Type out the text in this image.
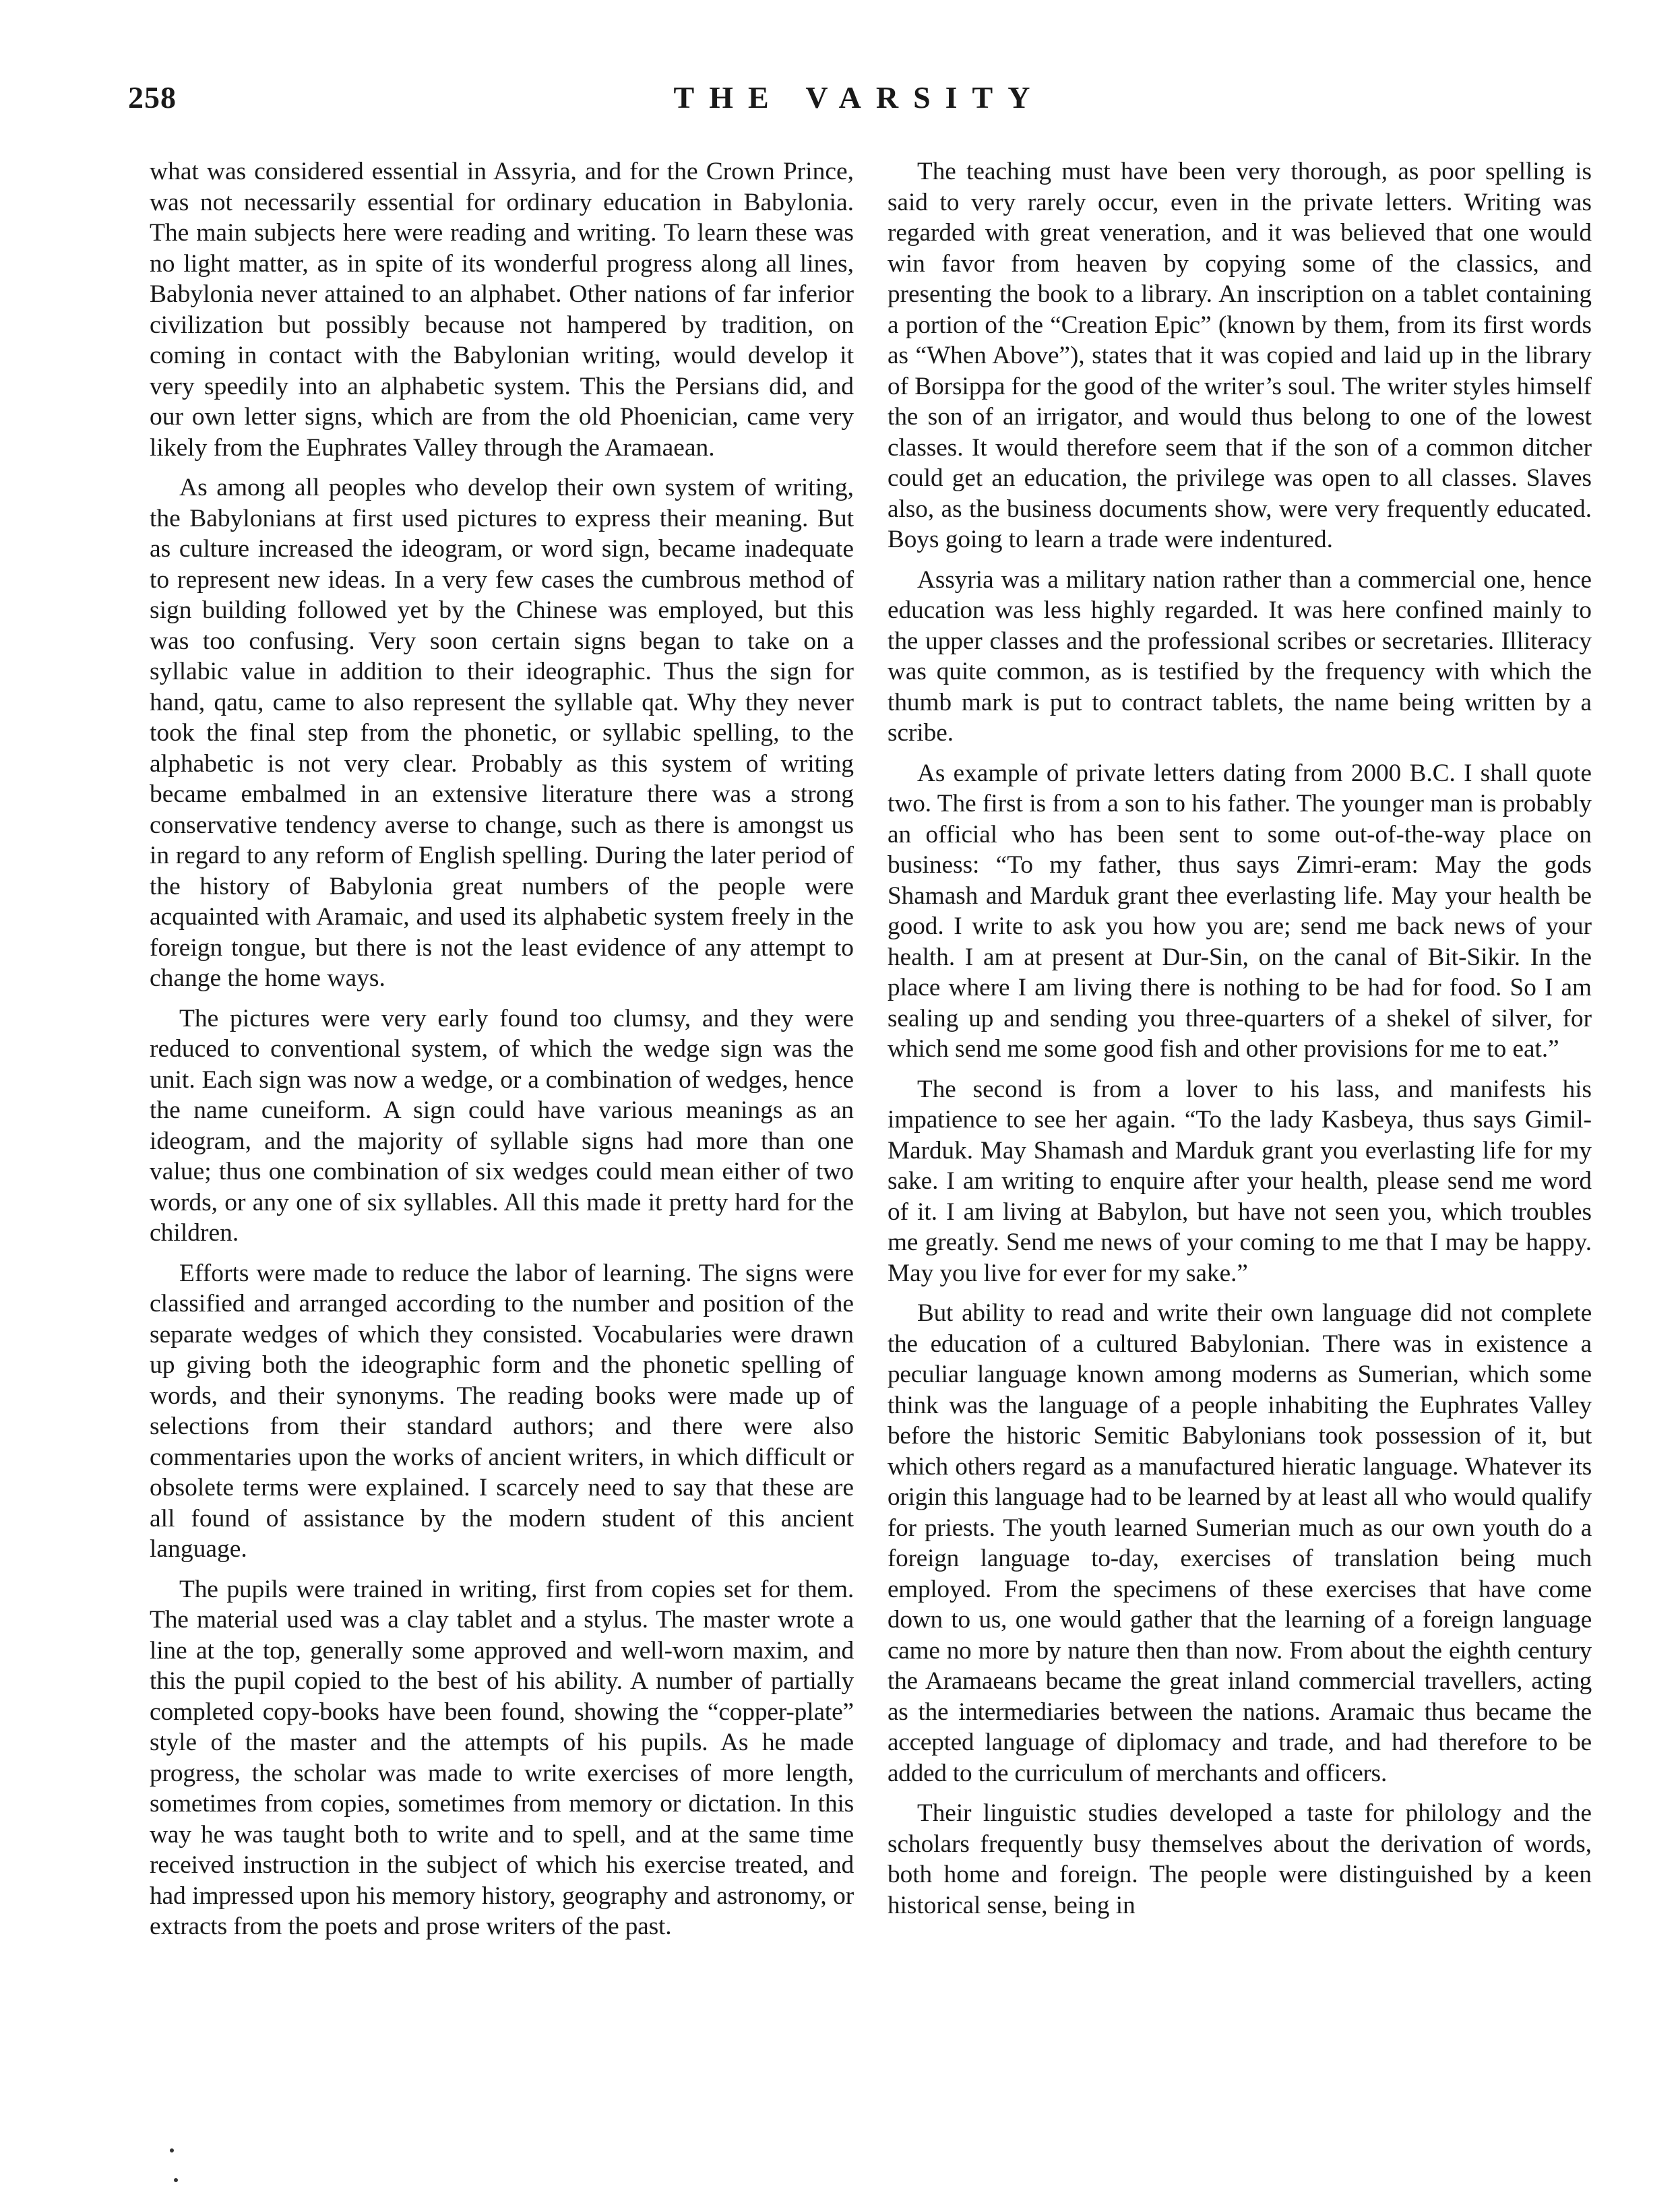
258	THE VARSITY

what was considered essential in Assyria, and for the Crown Prince, was not necessarily essential for ordinary education in Babylonia. The main subjects here were reading and writing. To learn these was no light matter, as in spite of its wonderful progress along all lines, Babylonia never attained to an alphabet. Other nations of far inferior civilization but possibly because not hampered by tradition, on coming in contact with the Babylonian writing, would develop it very speedily into an alphabetic system. This the Persians did, and our own letter signs, which are from the old Phoenician, came very likely from the Euphrates Valley through the Aramaean.

As among all peoples who develop their own system of writing, the Babylonians at first used pictures to express their meaning. But as culture increased the ideogram, or word sign, became inadequate to represent new ideas. In a very few cases the cumbrous method of sign building followed yet by the Chinese was employed, but this was too confusing. Very soon certain signs began to take on a syllabic value in addition to their ideographic. Thus the sign for hand, qatu, came to also represent the syllable qat. Why they never took the final step from the phonetic, or syllabic spelling, to the alphabetic is not very clear. Probably as this system of writing became embalmed in an extensive literature there was a strong conservative tendency averse to change, such as there is amongst us in regard to any reform of English spelling. During the later period of the history of Babylonia great numbers of the people were acquainted with Aramaic, and used its alphabetic system freely in the foreign tongue, but there is not the least evidence of any attempt to change the home ways.

The pictures were very early found too clumsy, and they were reduced to conventional system, of which the wedge sign was the unit. Each sign was now a wedge, or a combination of wedges, hence the name cuneiform. A sign could have various meanings as an ideogram, and the majority of syllable signs had more than one value; thus one combination of six wedges could mean either of two words, or any one of six syllables. All this made it pretty hard for the children.

Efforts were made to reduce the labor of learning. The signs were classified and arranged according to the number and position of the separate wedges of which they consisted. Vocabularies were drawn up giving both the ideographic form and the phonetic spelling of words, and their synonyms. The reading books were made up of selections from their standard authors; and there were also commentaries upon the works of ancient writers, in which difficult or obsolete terms were explained. I scarcely need to say that these are all found of assistance by the modern student of this ancient language.

The pupils were trained in writing, first from copies set for them. The material used was a clay tablet and a stylus. The master wrote a line at the top, generally some approved and well-worn maxim, and this the pupil copied to the best of his ability. A number of partially completed copy-books have been found, showing the “copper-plate” style of the master and the attempts of his pupils. As he made progress, the scholar was made to write exercises of more length, sometimes from copies, sometimes from memory or dictation. In this way he was taught both to write and to spell, and at the same time received instruction in the subject of which his exercise treated, and had impressed upon his memory history, geography and astronomy, or extracts from the poets and prose writers of the past.

The teaching must have been very thorough, as poor spelling is said to very rarely occur, even in the private letters. Writing was regarded with great veneration, and it was believed that one would win favor from heaven by copying some of the classics, and presenting the book to a library. An inscription on a tablet containing a portion of the “Creation Epic” (known by them, from its first words as “When Above”), states that it was copied and laid up in the library of Borsippa for the good of the writer’s soul. The writer styles himself the son of an irrigator, and would thus belong to one of the lowest classes. It would therefore seem that if the son of a common ditcher could get an education, the privilege was open to all classes. Slaves also, as the business documents show, were very frequently educated. Boys going to learn a trade were indentured.

Assyria was a military nation rather than a commercial one, hence education was less highly regarded. It was here confined mainly to the upper classes and the professional scribes or secretaries. Illiteracy was quite common, as is testified by the frequency with which the thumb mark is put to contract tablets, the name being written by a scribe.

As example of private letters dating from 2000 B.C. I shall quote two. The first is from a son to his father. The younger man is probably an official who has been sent to some out-of-the-way place on business: “To my father, thus says Zimri-eram: May the gods Shamash and Marduk grant thee everlasting life. May your health be good. I write to ask you how you are; send me back news of your health. I am at present at Dur-Sin, on the canal of Bit-Sikir. In the place where I am living there is nothing to be had for food. So I am sealing up and sending you three-quarters of a shekel of silver, for which send me some good fish and other provisions for me to eat.”

The second is from a lover to his lass, and manifests his impatience to see her again. “To the lady Kasbeya, thus says Gimil-Marduk. May Shamash and Marduk grant you everlasting life for my sake. I am writing to enquire after your health, please send me word of it. I am living at Babylon, but have not seen you, which troubles me greatly. Send me news of your coming to me that I may be happy. May you live for ever for my sake.”

But ability to read and write their own language did not complete the education of a cultured Babylonian. There was in existence a peculiar language known among moderns as Sumerian, which some think was the language of a people inhabiting the Euphrates Valley before the historic Semitic Babylonians took possession of it, but which others regard as a manufactured hieratic language. Whatever its origin this language had to be learned by at least all who would qualify for priests. The youth learned Sumerian much as our own youth do a foreign language to-day, exercises of translation being much employed. From the specimens of these exercises that have come down to us, one would gather that the learning of a foreign language came no more by nature then than now. From about the eighth century the Aramaeans became the great inland commercial travellers, acting as the intermediaries between the nations. Aramaic thus became the accepted language of diplomacy and trade, and had therefore to be added to the curriculum of merchants and officers.

Their linguistic studies developed a taste for philology and the scholars frequently busy themselves about the derivation of words, both home and foreign. The people were distinguished by a keen historical sense, being in
